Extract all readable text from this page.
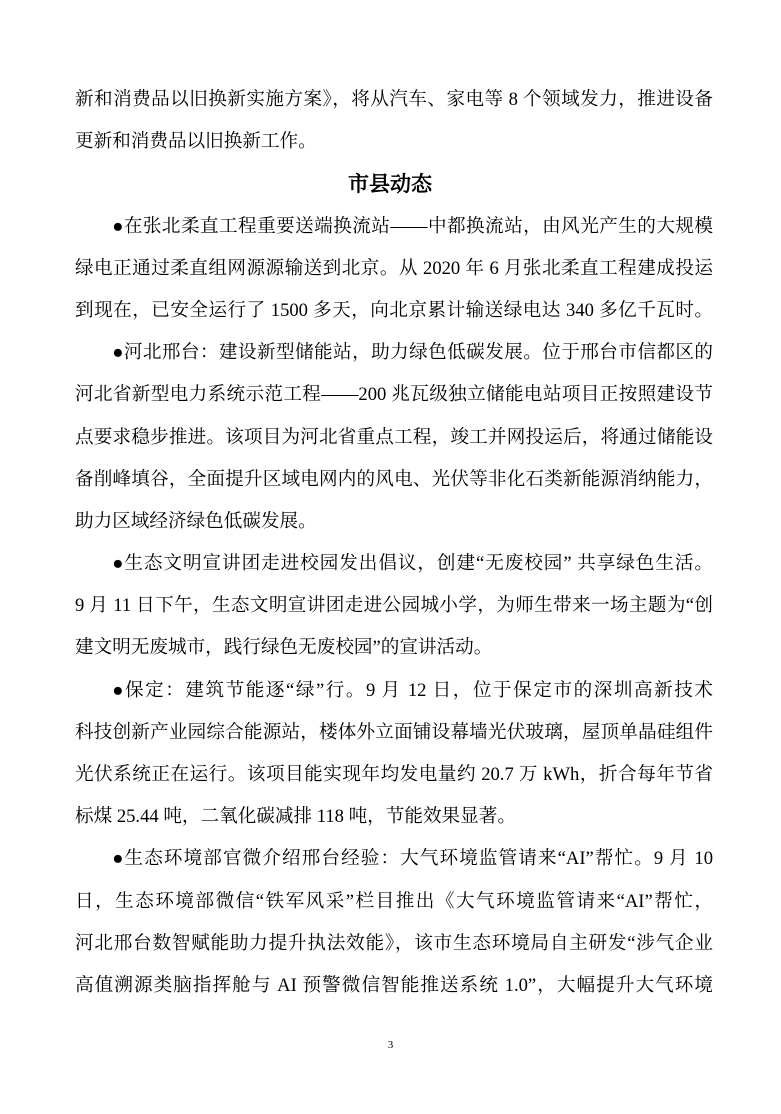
新和消费品以旧换新实施方案》，将从汽车、家电等 8 个领域发力，推进设备
更新和消费品以旧换新工作。
市县动态
●在张北柔直工程重要送端换流站——中都换流站，由风光产生的大规模
绿电正通过柔直组网源源输送到北京。从 2020 年 6 月张北柔直工程建成投运
到现在，已安全运行了 1500 多天，向北京累计输送绿电达 340 多亿千瓦时。
●河北邢台：建设新型储能站，助力绿色低碳发展。位于邢台市信都区的
河北省新型电力系统示范工程——200 兆瓦级独立储能电站项目正按照建设节
点要求稳步推进。该项目为河北省重点工程，竣工并网投运后，将通过储能设
备削峰填谷，全面提升区域电网内的风电、光伏等非化石类新能源消纳能力，
助力区域经济绿色低碳发展。
●生态文明宣讲团走进校园发出倡议，创建“无废校园” 共享绿色生活。
9 月 11 日下午，生态文明宣讲团走进公园城小学，为师生带来一场主题为“创
建文明无废城市，践行绿色无废校园”的宣讲活动。
●保定：建筑节能逐“绿”行。9 月 12 日，位于保定市的深圳高新技术
科技创新产业园综合能源站，楼体外立面铺设幕墙光伏玻璃，屋顶单晶硅组件
光伏系统正在运行。该项目能实现年均发电量约 20.7 万 kWh，折合每年节省
标煤 25.44 吨，二氧化碳减排 118 吨，节能效果显著。
●生态环境部官微介绍邢台经验：大气环境监管请来“AI”帮忙。9 月 10
日，生态环境部微信“铁军风采”栏目推出《大气环境监管请来“AI”帮忙，
河北邢台数智赋能助力提升执法效能》，该市生态环境局自主研发“涉气企业
高值溯源类脑指挥舱与 AI 预警微信智能推送系统 1.0”，大幅提升大气环境
3
